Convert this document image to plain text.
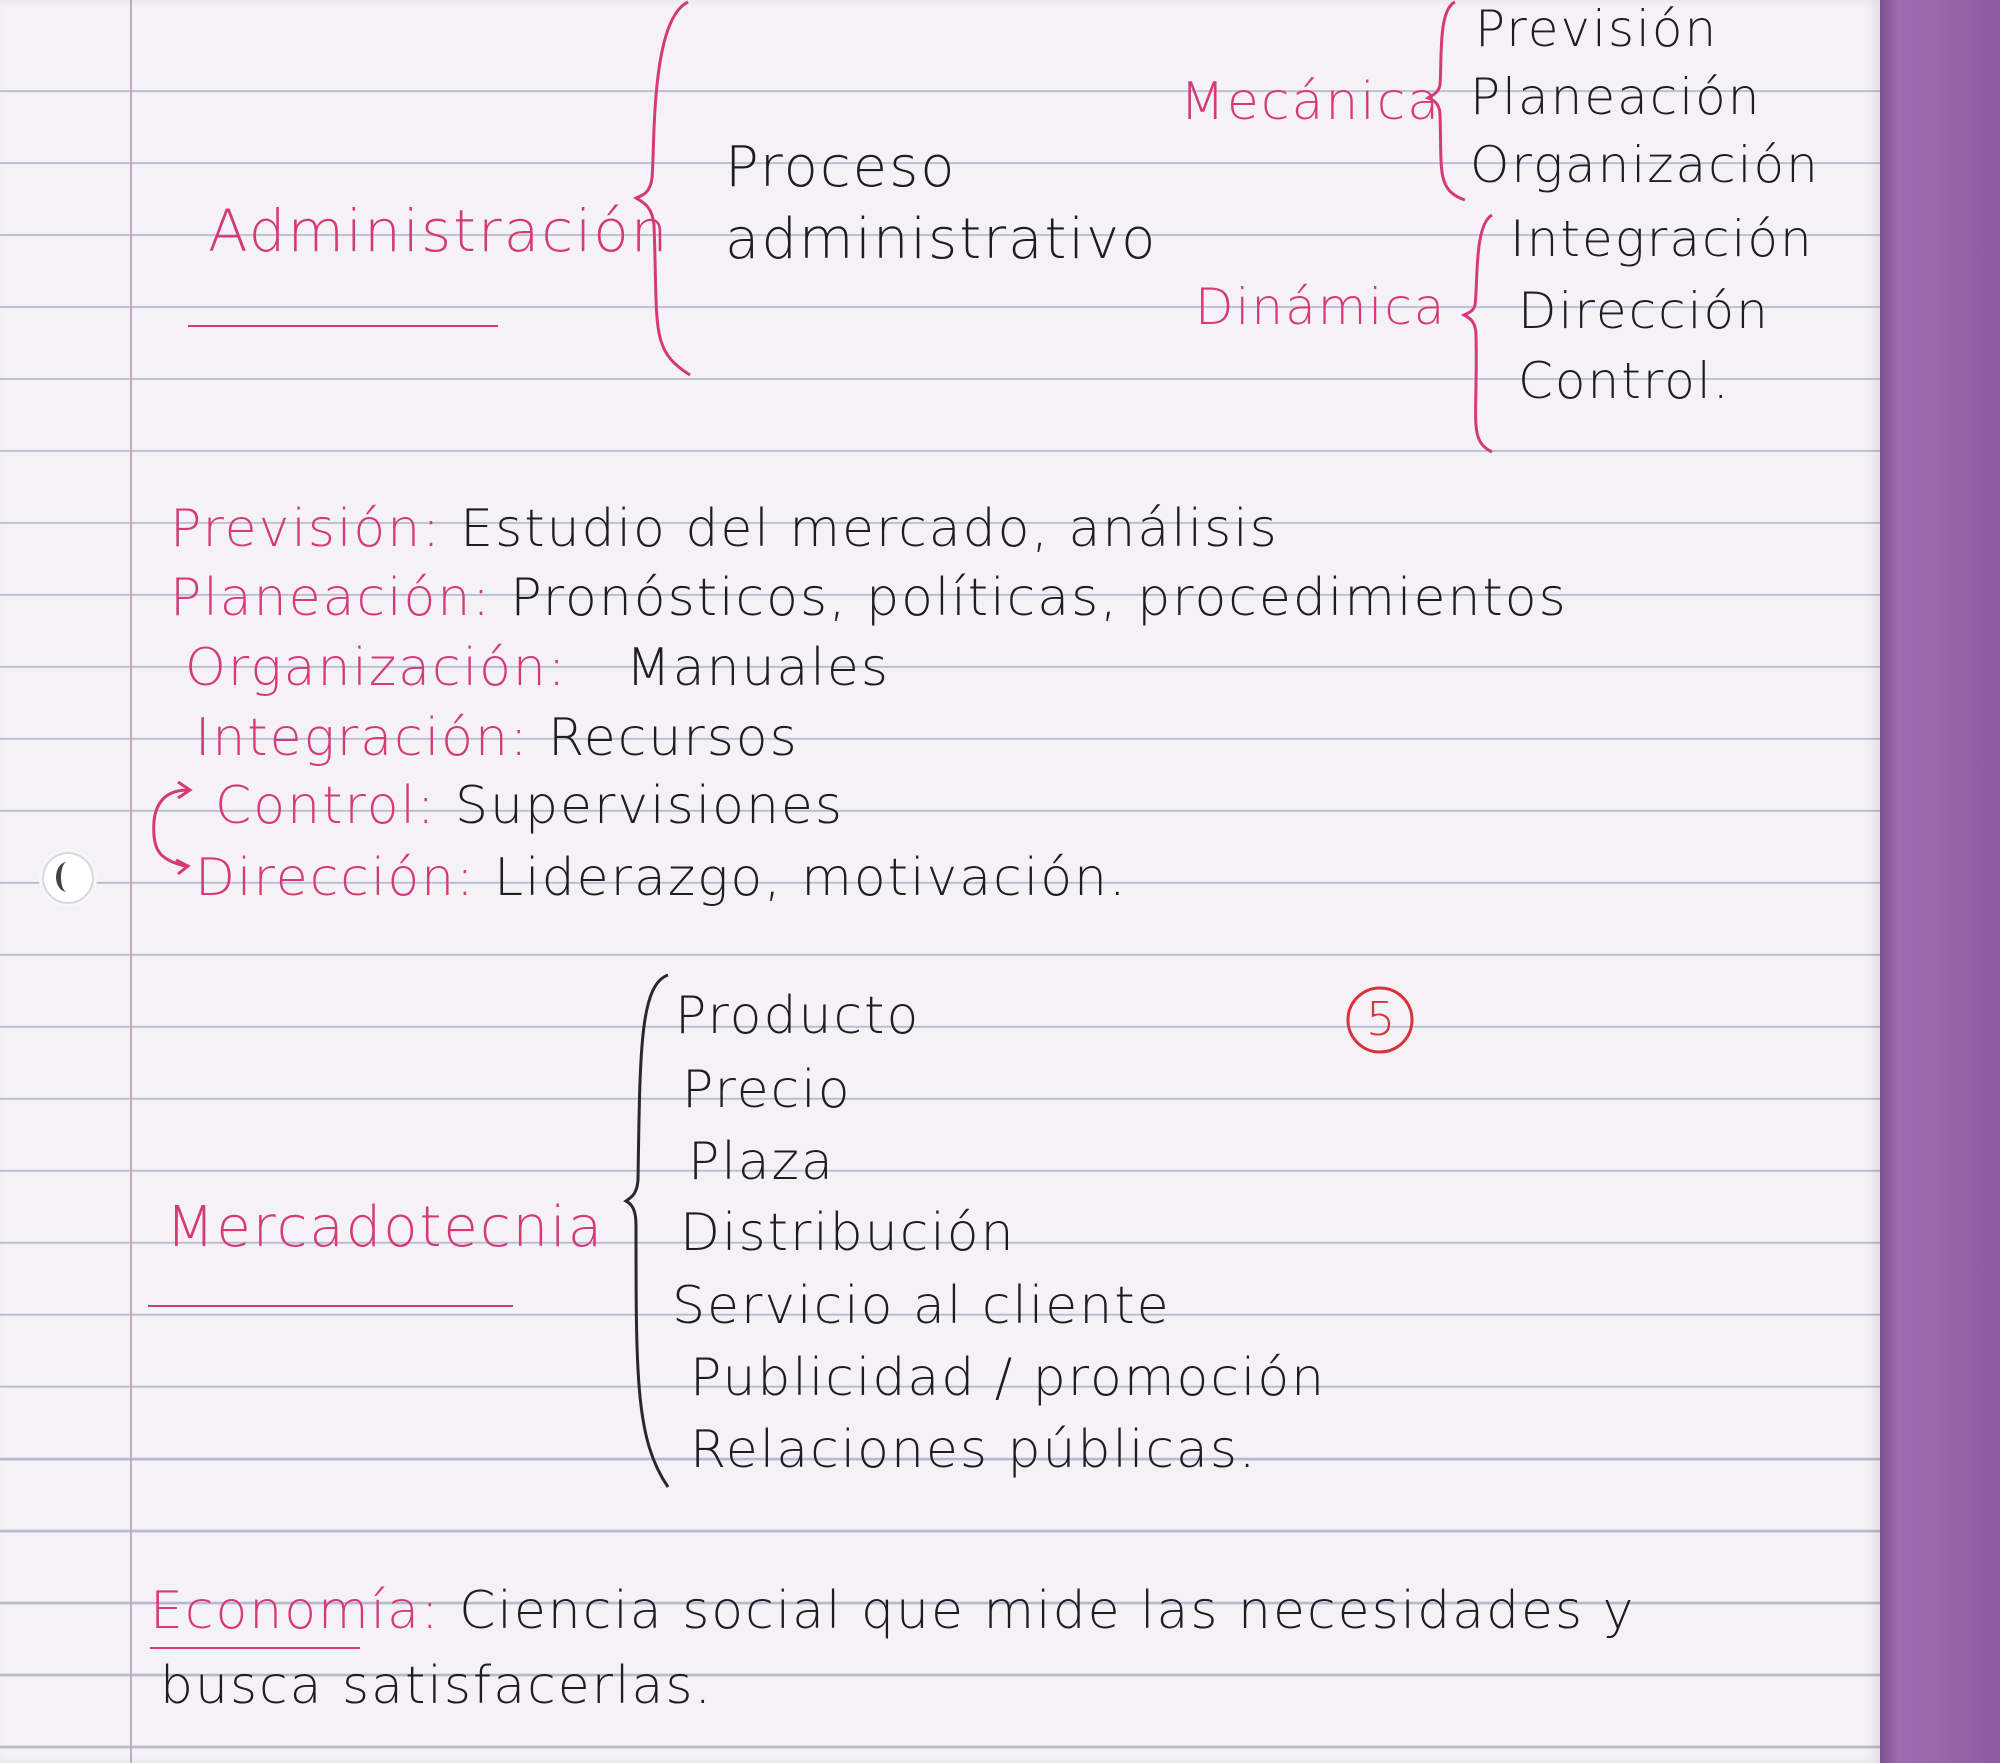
Administración
Proceso
administrativo
Mecánica
Previsión
Planeación
Organización
Dinámica
Integración
Dirección
Control.
Previsión: Estudio del mercado, análisis
Planeación: Pronósticos, políticas, procedimientos
Organización: Manuales
Integración: Recursos
Control: Supervisiones
Dirección: Liderazgo, motivación.
5
Mercadotecnia
Producto
Precio
Plaza
Distribución
Servicio al cliente
Publicidad / promoción
Relaciones públicas.
Economía: Ciencia social que mide las necesidades y
busca satisfacerlas.
